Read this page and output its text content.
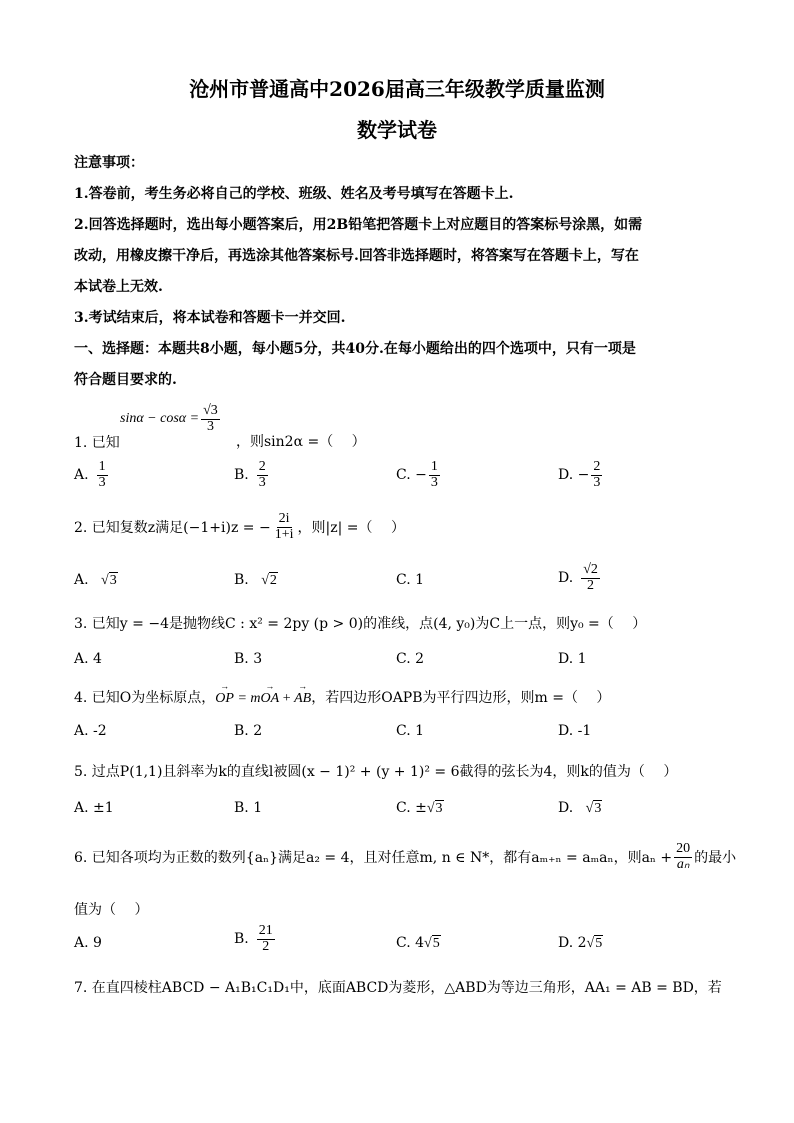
沧州市普通高中2026届高三年级教学质量监测
数学试卷
注意事项：
1.答卷前，考生务必将自己的学校、班级、姓名及考号填写在答题卡上.
2.回答选择题时，选出每小题答案后，用2B铅笔把答题卡上对应题目的答案标号涂黑，如需
改动，用橡皮擦干净后，再选涂其他答案标号.回答非选择题时，将答案写在答题卡上，写在
本试卷上无效.
3.考试结束后，将本试卷和答题卡一并交回.
一、选择题：本题共8小题，每小题5分，共40分.在每小题给出的四个选项中，只有一项是
符合题目要求的.
1. 已知
$\sin\alpha - \cos\alpha = \frac{√3}{3}$
，则sin2α =（　 ）
A. $\frac{1}{3}$	B. $\frac{2}{3}$	C. − $\frac{1}{3}$	D. − $\frac{2}{3}$
2. 已知复数z满足(−1+i)z = − $\frac{2i}{1+i}$ ，则|z| =（　 ）
A. √3	B. √2	C. 1	D. $\frac{√2}{2}$
3. 已知y = −4是抛物线C : x² = 2py (p > 0)的准线，点(4, y₀)为C上一点，则y₀ =（　 ）
A. 4	B. 3	C. 2	D. 1
4. 已知O为坐标原点，→ OP = m→ OA + → AB，若四边形OAPB为平行四边形，则m =（　 ）
A. -2	B. 2	C. 1	D. -1
5. 过点P(1,1)且斜率为k的直线l被圆(x − 1)² + (y + 1)² = 6截得的弦长为4，则k的值为（　 ）
A. ±1	B. 1	C. ±√3	D. √3
6. 已知各项均为正数的数列{aₙ}满足a₂ = 4，且对任意m, n ∈ N*，都有aₘ₊ₙ = aₘaₙ，则$a_n + \frac{20}{\text{aₙ}}$ 的最小
值为（　 ）
A. 9	B. $\frac{21}{2}$	C. 4√5	D. 2√5
7. 在直四棱柱ABCD − A₁B₁C₁D₁中，底面ABCD为菱形，△ABD为等边三角形，AA₁ = AB = BD，若
